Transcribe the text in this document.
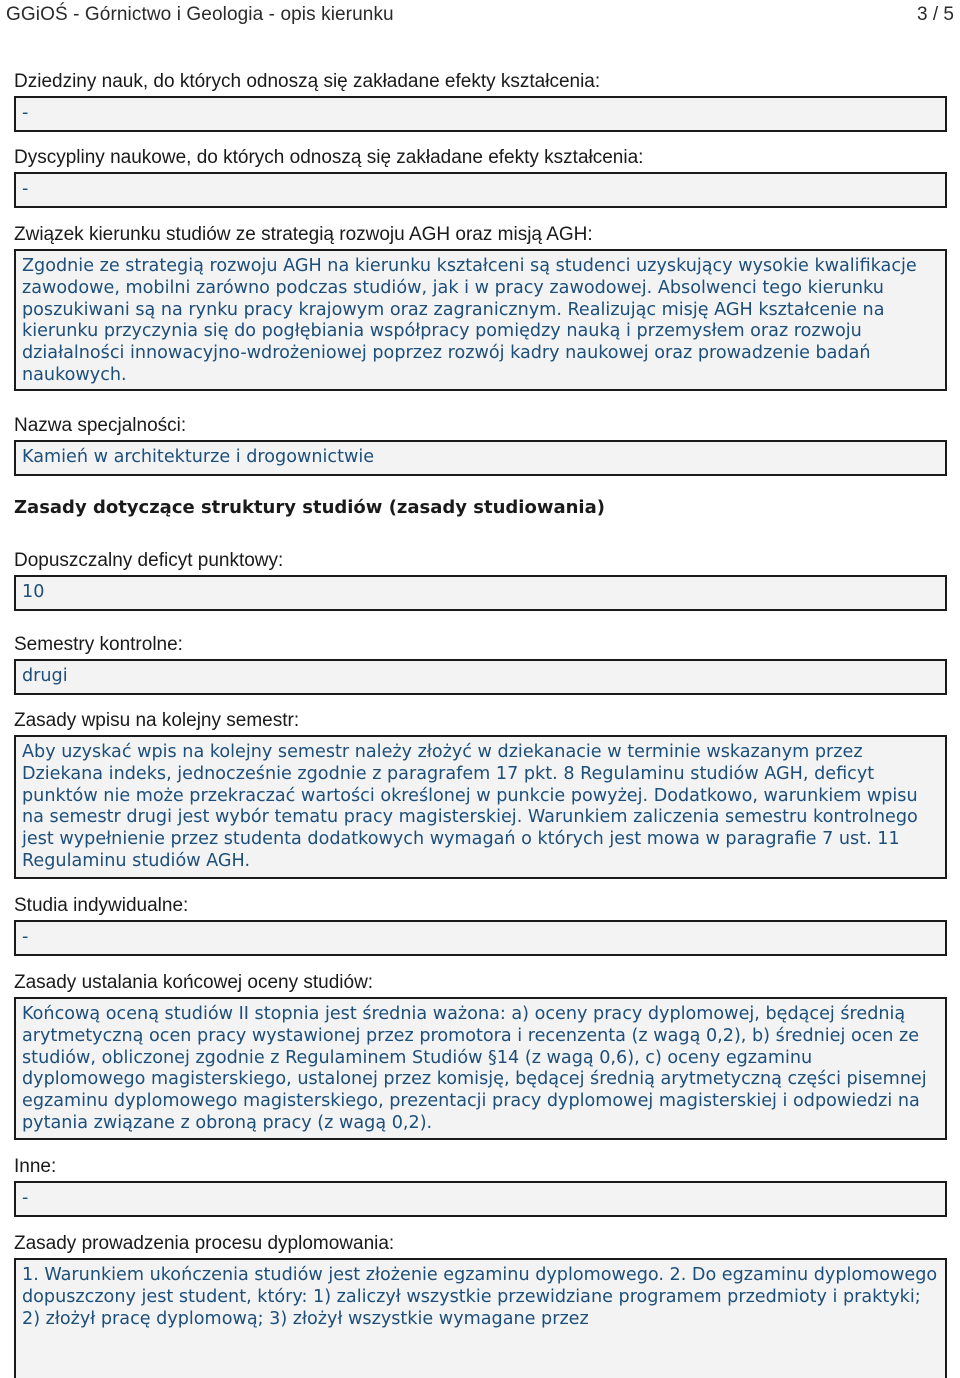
GGiOŚ - Górnictwo i Geologia - opis kierunku	3 / 5
Dziedziny nauk, do których odnoszą się zakładane efekty kształcenia:
-
Dyscypliny naukowe, do których odnoszą się zakładane efekty kształcenia:
-
Związek kierunku studiów ze strategią rozwoju AGH oraz misją AGH:
Zgodnie ze strategią rozwoju AGH na kierunku kształceni są studenci uzyskujący wysokie kwalifikacje zawodowe, mobilni zarówno podczas studiów, jak i w pracy zawodowej. Absolwenci tego kierunku poszukiwani są na rynku pracy krajowym oraz zagranicznym. Realizując misję AGH kształcenie na kierunku przyczynia się do pogłębiania współpracy pomiędzy nauką i przemysłem oraz rozwoju działalności innowacyjno-wdrożeniowej poprzez rozwój kadry naukowej oraz prowadzenie badań naukowych.
Nazwa specjalności:
Kamień w architekturze i drogownictwie
Zasady dotyczące struktury studiów (zasady studiowania)
Dopuszczalny deficyt punktowy:
10
Semestry kontrolne:
drugi
Zasady wpisu na kolejny semestr:
Aby uzyskać wpis na kolejny semestr należy złożyć w dziekanacie w terminie wskazanym przez Dziekana indeks, jednocześnie zgodnie z paragrafem 17 pkt. 8 Regulaminu studiów AGH, deficyt punktów nie może przekraczać wartości określonej w punkcie powyżej. Dodatkowo, warunkiem wpisu na semestr drugi jest wybór tematu pracy magisterskiej. Warunkiem zaliczenia semestru kontrolnego jest wypełnienie przez studenta dodatkowych wymagań o których jest mowa w paragrafie 7 ust. 11 Regulaminu studiów AGH.
Studia indywidualne:
-
Zasady ustalania końcowej oceny studiów:
Końcową oceną studiów II stopnia jest średnia ważona: a) oceny pracy dyplomowej, będącej średnią arytmetyczną ocen pracy wystawionej przez promotora i recenzenta (z wagą 0,2), b) średniej ocen ze studiów, obliczonej zgodnie z Regulaminem Studiów §14 (z wagą 0,6), c) oceny egzaminu dyplomowego magisterskiego, ustalonej przez komisję, będącej średnią arytmetyczną części pisemnej egzaminu dyplomowego magisterskiego, prezentacji pracy dyplomowej magisterskiej i odpowiedzi na pytania związane z obroną pracy (z wagą 0,2).
Inne:
-
Zasady prowadzenia procesu dyplomowania:
1. Warunkiem ukończenia studiów jest złożenie egzaminu dyplomowego. 2. Do egzaminu dyplomowego dopuszczony jest student, który: 1) zaliczył wszystkie przewidziane programem przedmioty i praktyki; 2) złożył pracę dyplomową; 3) złożył wszystkie wymagane przez
